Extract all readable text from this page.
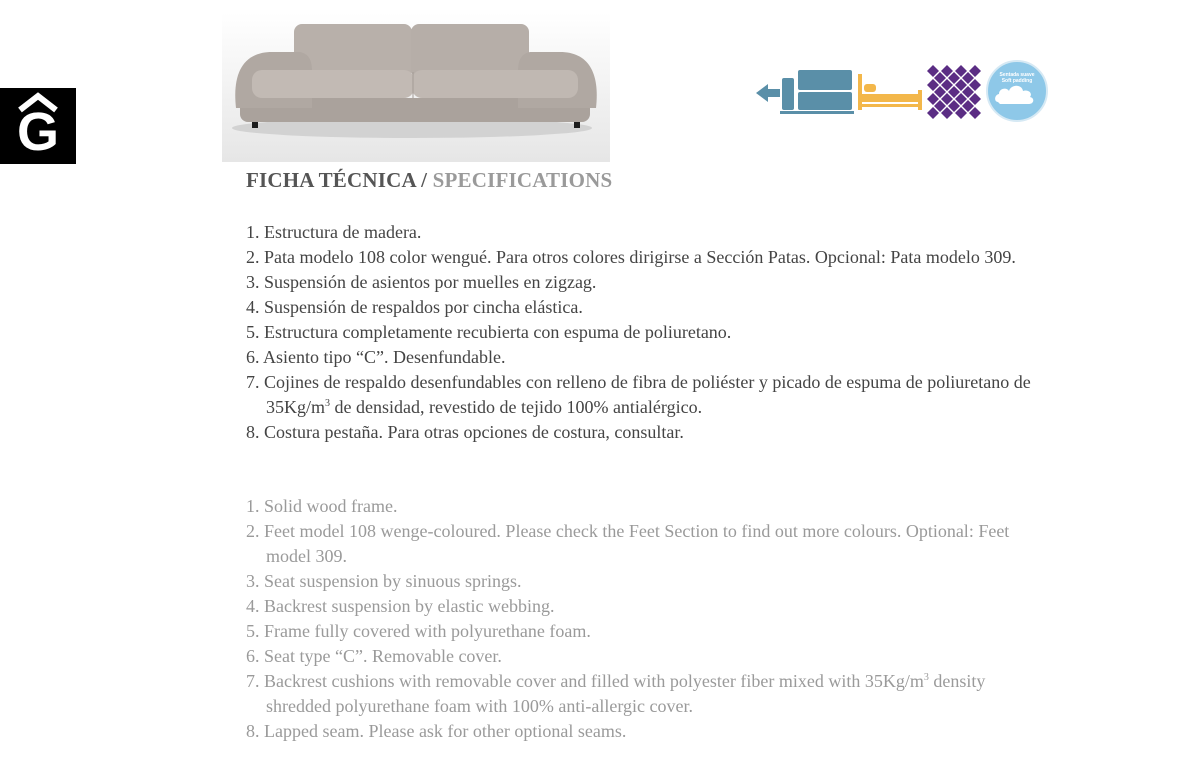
G
Sentada suave
Soft padding
FICHA TÉCNICA / SPECIFICATIONS
1. Estructura de madera.
2. Pata modelo 108 color wengué. Para otros colores dirigirse a Sección Patas. Opcional: Pata modelo 309.
3. Suspensión de asientos por muelles en zigzag.
4. Suspensión de respaldos por cincha elástica.
5. Estructura completamente recubierta con espuma de poliuretano.
6. Asiento tipo “C”. Desenfundable.
7. Cojines de respaldo desenfundables con relleno de fibra de poliéster y picado de espuma de poliuretano de $35Kg/m^3$ de densidad, revestido de tejido 100% antialérgico.
8. Costura pestaña. Para otras opciones de costura, consultar.
1. Solid wood frame.
2. Feet model 108 wenge-coloured. Please check the Feet Section to find out more colours. Optional: Feet model 309.
3. Seat suspension by sinuous springs.
4. Backrest suspension by elastic webbing.
5. Frame fully covered with polyurethane foam.
6. Seat type “C”. Removable cover.
7. Backrest cushions with removable cover and filled with polyester fiber mixed with $35Kg/m^3$ density shredded polyurethane foam with 100% anti-allergic cover.
8. Lapped seam. Please ask for other optional seams.
